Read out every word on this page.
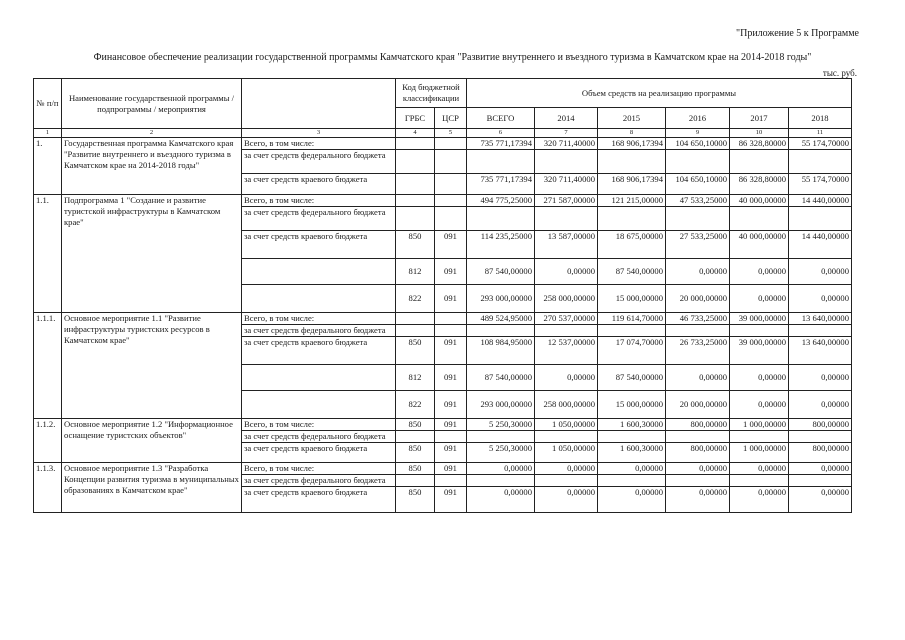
"Приложение 5 к Программе
Финансовое обеспечение реализации государственной программы Камчатского края "Развитие внутреннего и въездного туризма в Камчатском крае на 2014-2018 годы"
тыс. руб.
№ п/п	Наименование государственной программы / подпрограммы / мероприятия		Код бюджетной классификации		Объем средств на реализацию программы					
			ГРБС	ЦСР	ВСЕГО	2014	2015	2016	2017	2018
1	2	3	4	5	6	7	8	9	10	11
1.	Государственная программа Камчатского края "Развитие внутреннего и въездного туризма в Камчатском крае на 2014-2018 годы"	Всего, в том числе:			735 771,17394	320 711,40000	168 906,17394	104 650,10000	86 328,80000	55 174,70000
		за счет средств федерального бюджета								
		за счет средств краевого бюджета			735 771,17394	320 711,40000	168 906,17394	104 650,10000	86 328,80000	55 174,70000
1.1.	Подпрограмма 1 "Создание и развитие туристской инфраструктуры в Камчатском крае"	Всего, в том числе:			494 775,25000	271 587,00000	121 215,00000	47 533,25000	40 000,00000	14 440,00000
		за счет средств федерального бюджета								
		за счет средств краевого бюджета	850	091	114 235,25000	13 587,00000	18 675,00000	27 533,25000	40 000,00000	14 440,00000
			812	091	87 540,00000	0,00000	87 540,00000	0,00000	0,00000	0,00000
			822	091	293 000,00000	258 000,00000	15 000,00000	20 000,00000	0,00000	0,00000
1.1.1.	Основное мероприятие 1.1 "Развитие инфраструктуры туристских ресурсов в Камчатском крае"	Всего, в том числе:			489 524,95000	270 537,00000	119 614,70000	46 733,25000	39 000,00000	13 640,00000
		за счет средств федерального бюджета								
		за счет средств краевого бюджета	850	091	108 984,95000	12 537,00000	17 074,70000	26 733,25000	39 000,00000	13 640,00000
			812	091	87 540,00000	0,00000	87 540,00000	0,00000	0,00000	0,00000
			822	091	293 000,00000	258 000,00000	15 000,00000	20 000,00000	0,00000	0,00000
1.1.2.	Основное мероприятие 1.2 "Информационное оснащение туристских объектов"	Всего, в том числе:	850	091	5 250,30000	1 050,00000	1 600,30000	800,00000	1 000,00000	800,00000
		за счет средств федерального бюджета								
		за счет средств краевого бюджета	850	091	5 250,30000	1 050,00000	1 600,30000	800,00000	1 000,00000	800,00000
1.1.3.	Основное мероприятие 1.3 "Разработка Концепции развития туризма в муниципальных образованиях в Камчатском крае"	Всего, в том числе:	850	091	0,00000	0,00000	0,00000	0,00000	0,00000	0,00000
		за счет средств федерального бюджета								
		за счет средств краевого бюджета	850	091	0,00000	0,00000	0,00000	0,00000	0,00000	0,00000
